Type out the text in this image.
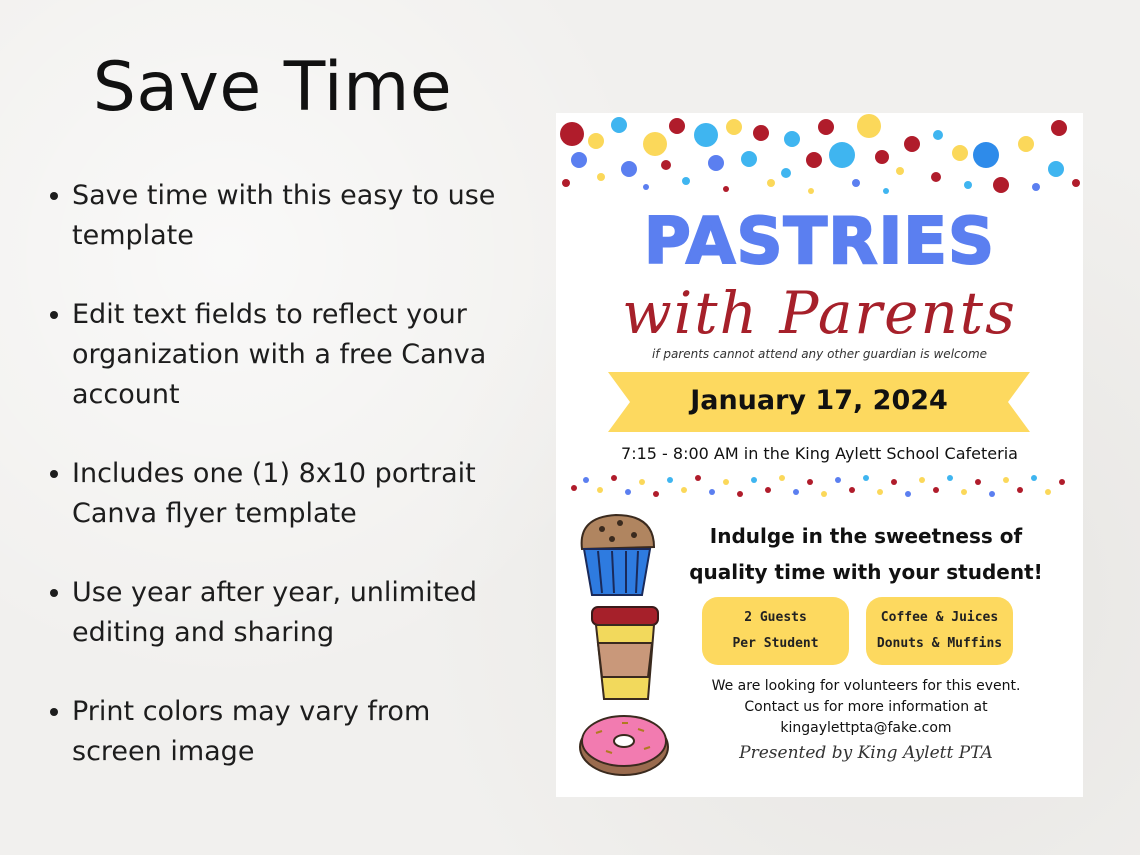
Save Time
Save time with this easy to use template
Edit text fields to reflect your organization with a free Canva account
Includes one (1) 8x10 portrait Canva flyer template
Use year after year, unlimited editing and sharing
Print colors may vary from screen image
PASTRIES
with Parents
if parents cannot attend any other guardian is welcome
January 17, 2024
7:15 - 8:00 AM in the King Aylett School Cafeteria
Indulge in the sweetness of
quality time with your student!
2 Guests
Per Student
Coffee & Juices
Donuts & Muffins
We are looking for volunteers for this event.
Contact us for more information at
kingaylettpta@fake.com
Presented by King Aylett PTA
